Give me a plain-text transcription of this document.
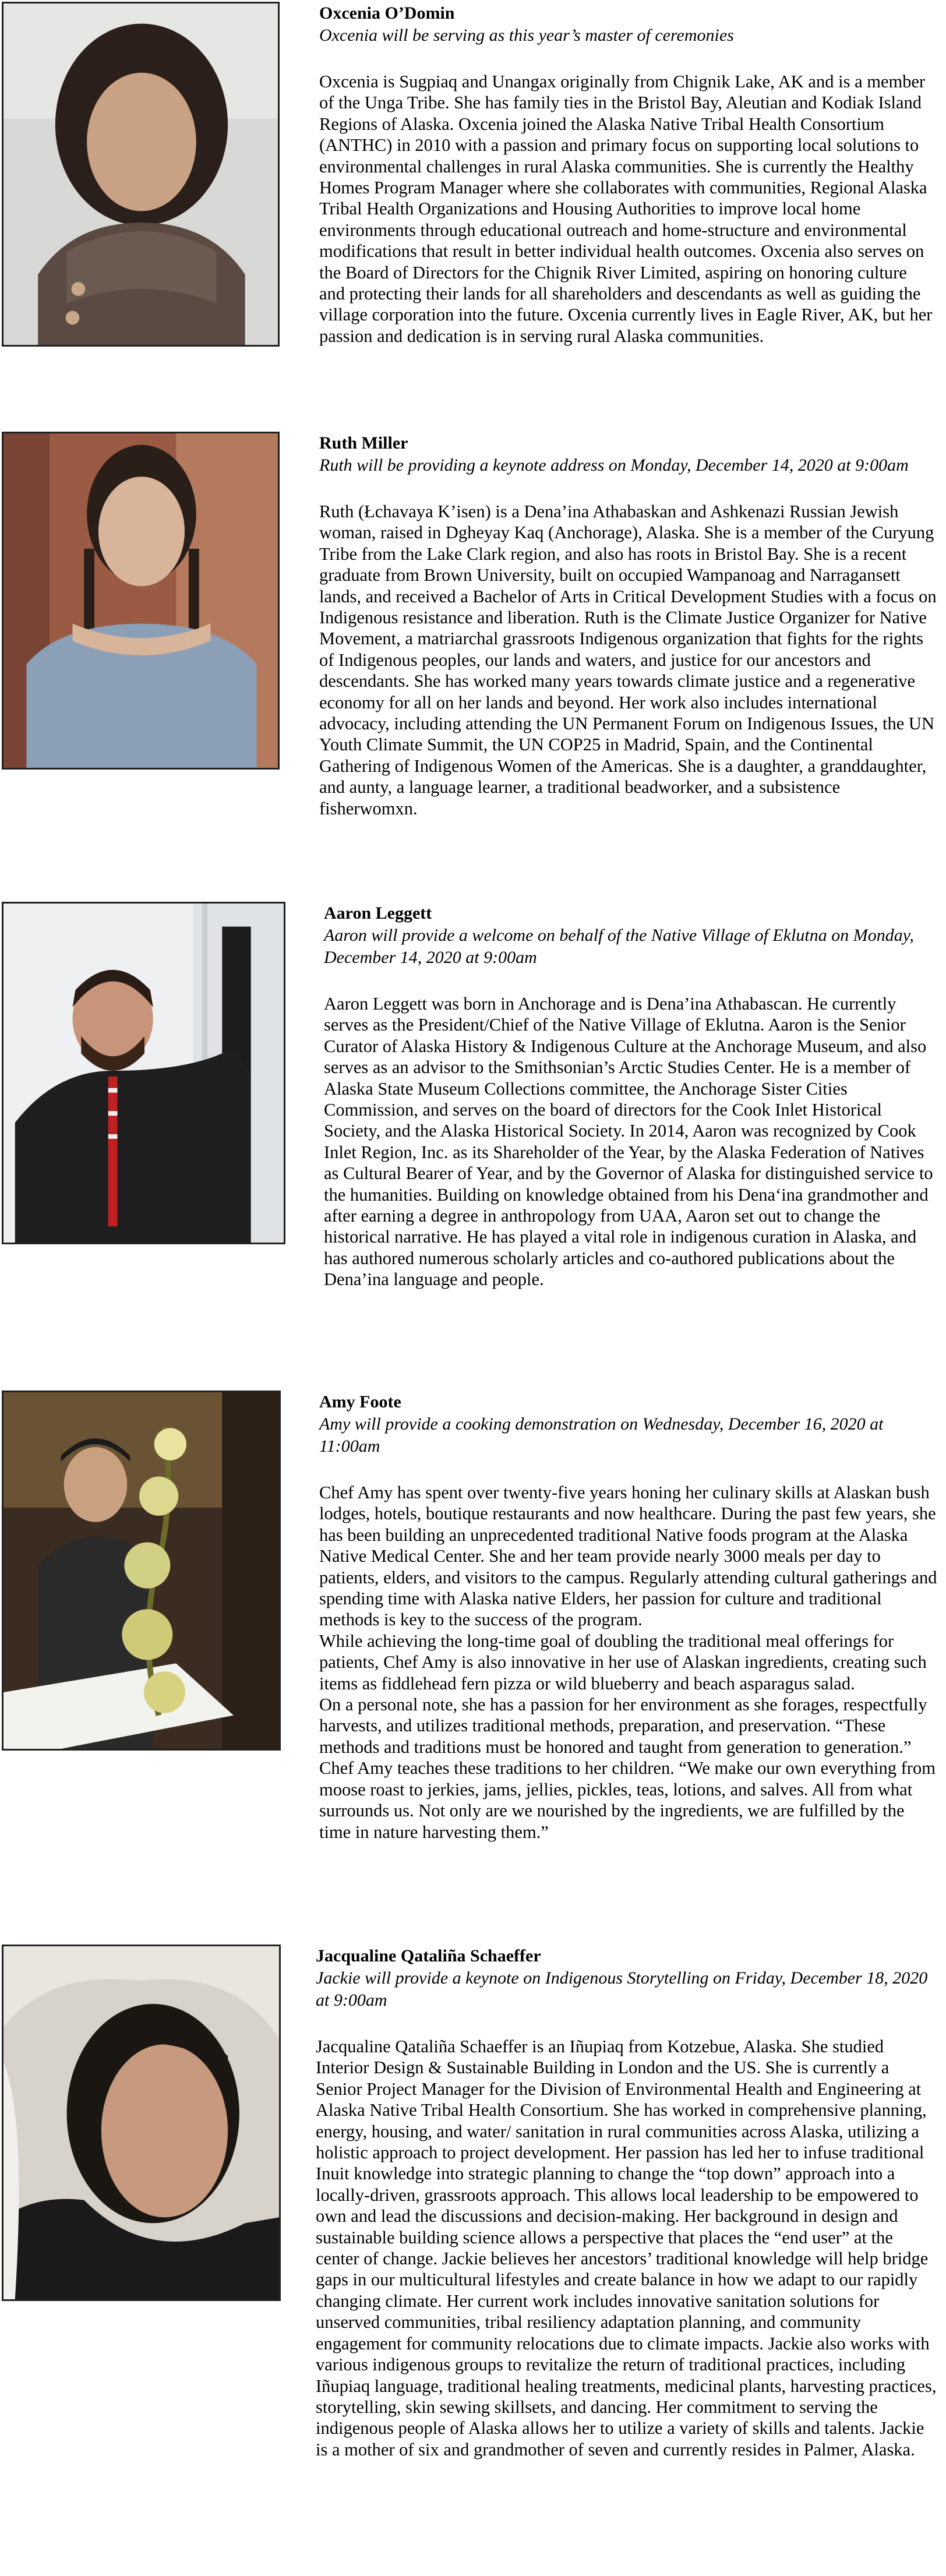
Oxcenia O’Domin
Oxcenia will be serving as this year’s master of ceremonies

Oxcenia is Sugpiaq and Unangax originally from Chignik Lake, AK and is a member of the Unga Tribe. She has family ties in the Bristol Bay, Aleutian and Kodiak Island Regions of Alaska. Oxcenia joined the Alaska Native Tribal Health Consortium (ANTHC) in 2010 with a passion and primary focus on supporting local solutions to environmental challenges in rural Alaska communities. She is currently the Healthy Homes Program Manager where she collaborates with communities, Regional Alaska Tribal Health Organizations and Housing Authorities to improve local home environments through educational outreach and home-structure and environmental modifications that result in better individual health outcomes. Oxcenia also serves on the Board of Directors for the Chignik River Limited, aspiring on honoring culture and protecting their lands for all shareholders and descendants as well as guiding the village corporation into the future. Oxcenia currently lives in Eagle River, AK, but her passion and dedication is in serving rural Alaska communities.

Ruth Miller
Ruth will be providing a keynote address on Monday, December 14, 2020 at 9:00am

Ruth (Łchavaya K’isen) is a Dena’ina Athabaskan and Ashkenazi Russian Jewish woman, raised in Dgheyay Kaq (Anchorage), Alaska. She is a member of the Curyung Tribe from the Lake Clark region, and also has roots in Bristol Bay. She is a recent graduate from Brown University, built on occupied Wampanoag and Narragansett lands, and received a Bachelor of Arts in Critical Development Studies with a focus on Indigenous resistance and liberation. Ruth is the Climate Justice Organizer for Native Movement, a matriarchal grassroots Indigenous organization that fights for the rights of Indigenous peoples, our lands and waters, and justice for our ancestors and descendants. She has worked many years towards climate justice and a regenerative economy for all on her lands and beyond. Her work also includes international advocacy, including attending the UN Permanent Forum on Indigenous Issues, the UN Youth Climate Summit, the UN COP25 in Madrid, Spain, and the Continental Gathering of Indigenous Women of the Americas. She is a daughter, a granddaughter, and aunty, a language learner, a traditional beadworker, and a subsistence fisherwomxn.

Aaron Leggett
Aaron will provide a welcome on behalf of the Native Village of Eklutna on Monday, December 14, 2020 at 9:00am

Aaron Leggett was born in Anchorage and is Dena’ina Athabascan. He currently serves as the President/Chief of the Native Village of Eklutna. Aaron is the Senior Curator of Alaska History & Indigenous Culture at the Anchorage Museum, and also serves as an advisor to the Smithsonian’s Arctic Studies Center. He is a member of Alaska State Museum Collections committee, the Anchorage Sister Cities Commission, and serves on the board of directors for the Cook Inlet Historical Society, and the Alaska Historical Society. In 2014, Aaron was recognized by Cook Inlet Region, Inc. as its Shareholder of the Year, by the Alaska Federation of Natives as Cultural Bearer of Year, and by the Governor of Alaska for distinguished service to the humanities. Building on knowledge obtained from his Dena‘ina grandmother and after earning a degree in anthropology from UAA, Aaron set out to change the historical narrative. He has played a vital role in indigenous curation in Alaska, and has authored numerous scholarly articles and co-authored publications about the Dena’ina language and people.

Amy Foote
Amy will provide a cooking demonstration on Wednesday, December 16, 2020 at 11:00am

Chef Amy has spent over twenty-five years honing her culinary skills at Alaskan bush lodges, hotels, boutique restaurants and now healthcare. During the past few years, she has been building an unprecedented traditional Native foods program at the Alaska Native Medical Center. She and her team provide nearly 3000 meals per day to patients, elders, and visitors to the campus. Regularly attending cultural gatherings and spending time with Alaska native Elders, her passion for culture and traditional methods is key to the success of the program.

While achieving the long-time goal of doubling the traditional meal offerings for patients, Chef Amy is also innovative in her use of Alaskan ingredients, creating such items as fiddlehead fern pizza or wild blueberry and beach asparagus salad.

On a personal note, she has a passion for her environment as she forages, respectfully harvests, and utilizes traditional methods, preparation, and preservation. “These methods and traditions must be honored and taught from generation to generation.” Chef Amy teaches these traditions to her children. “We make our own everything from moose roast to jerkies, jams, jellies, pickles, teas, lotions, and salves. All from what surrounds us. Not only are we nourished by the ingredients, we are fulfilled by the time in nature harvesting them.”

Jacqualine Qataliña Schaeffer
Jackie will provide a keynote on Indigenous Storytelling on Friday, December 18, 2020 at 9:00am

Jacqualine Qataliña Schaeffer is an Iñupiaq from Kotzebue, Alaska. She studied Interior Design & Sustainable Building in London and the US. She is currently a Senior Project Manager for the Division of Environmental Health and Engineering at Alaska Native Tribal Health Consortium. She has worked in comprehensive planning, energy, housing, and water/ sanitation in rural communities across Alaska, utilizing a holistic approach to project development. Her passion has led her to infuse traditional Inuit knowledge into strategic planning to change the “top down” approach into a locally-driven, grassroots approach. This allows local leadership to be empowered to own and lead the discussions and decision-making. Her background in design and sustainable building science allows a perspective that places the “end user” at the center of change. Jackie believes her ancestors’ traditional knowledge will help bridge gaps in our multicultural lifestyles and create balance in how we adapt to our rapidly changing climate. Her current work includes innovative sanitation solutions for unserved communities, tribal resiliency adaptation planning, and community engagement for community relocations due to climate impacts. Jackie also works with various indigenous groups to revitalize the return of traditional practices, including Iñupiaq language, traditional healing treatments, medicinal plants, harvesting practices, storytelling, skin sewing skillsets, and dancing. Her commitment to serving the indigenous people of Alaska allows her to utilize a variety of skills and talents. Jackie is a mother of six and grandmother of seven and currently resides in Palmer, Alaska.
